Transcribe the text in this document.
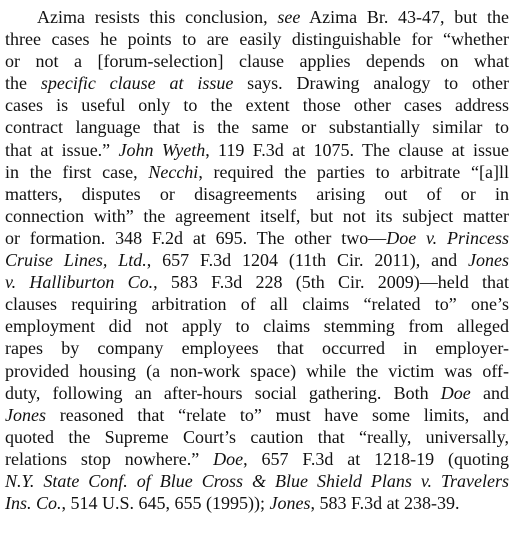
Azima resists this conclusion, see Azima Br. 43-47, but the
three cases he points to are easily distinguishable for “whether
or not a [forum-selection] clause applies depends on what
the specific clause at issue says. Drawing analogy to other
cases is useful only to the extent those other cases address
contract language that is the same or substantially similar to
that at issue.” John Wyeth, 119 F.3d at 1075. The clause at issue
in the first case, Necchi, required the parties to arbitrate “[a]ll
matters, disputes or disagreements arising out of or in
connection with” the agreement itself, but not its subject matter
or formation. 348 F.2d at 695. The other two—Doe v. Princess
Cruise Lines, Ltd., 657 F.3d 1204 (11th Cir. 2011), and Jones
v. Halliburton Co., 583 F.3d 228 (5th Cir. 2009)—held that
clauses requiring arbitration of all claims “related to” one’s
employment did not apply to claims stemming from alleged
rapes by company employees that occurred in employer-
provided housing (a non-work space) while the victim was off-
duty, following an after-hours social gathering. Both Doe and
Jones reasoned that “relate to” must have some limits, and
quoted the Supreme Court’s caution that “really, universally,
relations stop nowhere.” Doe, 657 F.3d at 1218-19 (quoting
N.Y. State Conf. of Blue Cross & Blue Shield Plans v. Travelers
Ins. Co., 514 U.S. 645, 655 (1995)); Jones, 583 F.3d at 238-39.
